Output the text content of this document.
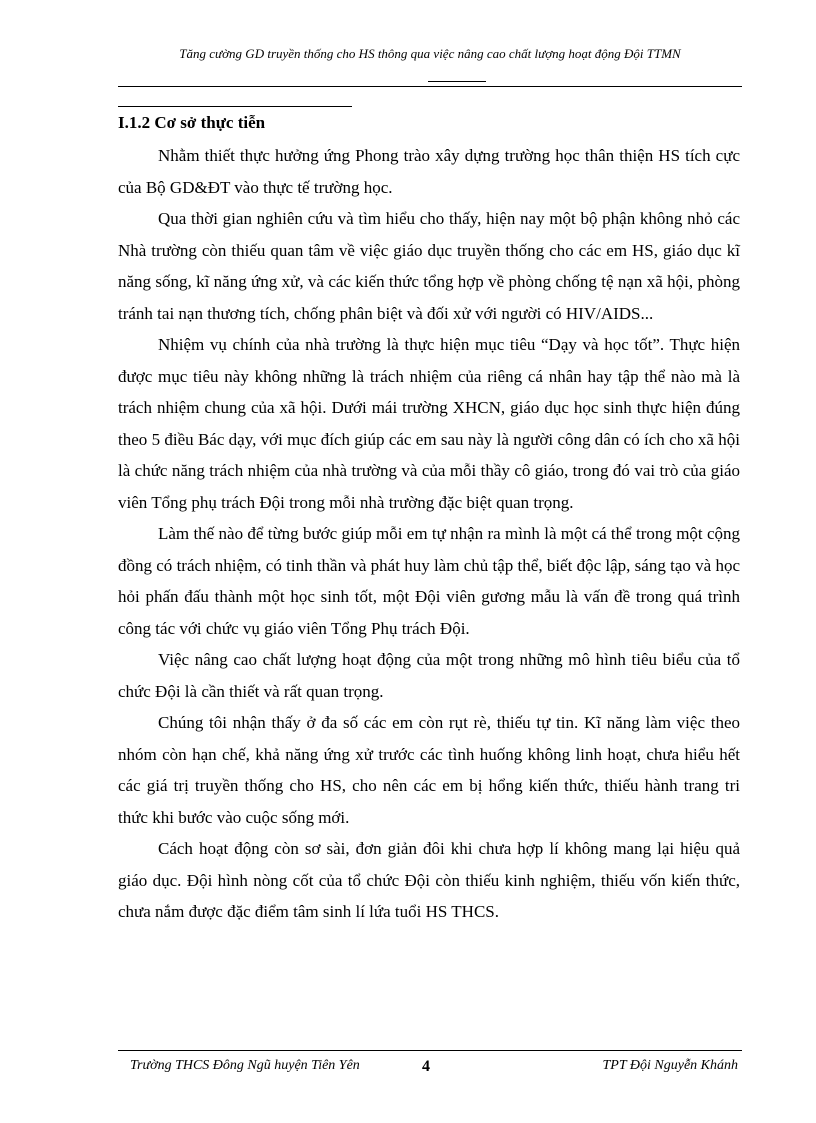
Tăng cường GD truyền thống cho HS thông qua việc nâng cao chất lượng hoạt động Đội TTMN
I.1.2 Cơ sở thực tiễn

Nhằm thiết thực hưởng ứng Phong trào xây dựng trường học thân thiện HS tích cực của Bộ GD&ĐT vào thực tế trường học.

Qua thời gian nghiên cứu và tìm hiểu cho thấy, hiện nay một bộ phận không nhỏ các Nhà trường còn thiếu quan tâm về việc giáo dục truyền thống cho các em HS, giáo dục kĩ năng sống, kĩ năng ứng xử, và các kiến thức tổng hợp về phòng chống tệ nạn xã hội, phòng tránh tai nạn thương tích, chống phân biệt và đối xử với người có HIV/AIDS...

Nhiệm vụ chính của nhà trường là thực hiện mục tiêu “Dạy và học tốt”. Thực hiện được mục tiêu này không những là trách nhiệm của riêng cá nhân hay tập thể nào mà là trách nhiệm chung của xã hội. Dưới mái trường XHCN, giáo dục học sinh thực hiện đúng theo 5 điều Bác dạy, với mục đích giúp các em sau này là người công dân có ích cho xã hội là chức năng trách nhiệm của nhà trường và của mỗi thầy cô giáo, trong đó vai trò của giáo viên Tổng phụ trách Đội trong mỗi nhà trường đặc biệt quan trọng.

Làm thế nào để từng bước giúp mỗi em tự nhận ra mình là một cá thể trong một cộng đồng có trách nhiệm, có tinh thần và phát huy làm chủ tập thể, biết độc lập, sáng tạo và học hỏi phấn đấu thành một học sinh tốt, một Đội viên gương mẫu là vấn đề trong quá trình công tác với chức vụ giáo viên Tổng Phụ trách Đội.

Việc nâng cao chất lượng hoạt động của một trong những mô hình tiêu biểu của tổ chức Đội là cần thiết và rất quan trọng.

Chúng tôi nhận thấy ở đa số các em còn rụt rè, thiếu tự tin. Kĩ năng làm việc theo nhóm còn hạn chế, khả năng ứng xử trước các tình huống không linh hoạt, chưa hiểu hết các giá trị truyền thống cho HS, cho nên các em bị hổng kiến thức, thiếu hành trang tri thức khi bước vào cuộc sống mới.

Cách hoạt động còn sơ sài, đơn giản đôi khi chưa hợp lí không mang lại hiệu quả giáo dục. Đội hình nòng cốt của tổ chức Đội còn thiếu kinh nghiệm, thiếu vốn kiến thức, chưa nắm được đặc điểm tâm sinh lí lứa tuổi HS THCS.

Trường THCS Đông Ngũ huyện Tiên Yên	4	TPT Đội Nguyễn Khánh
